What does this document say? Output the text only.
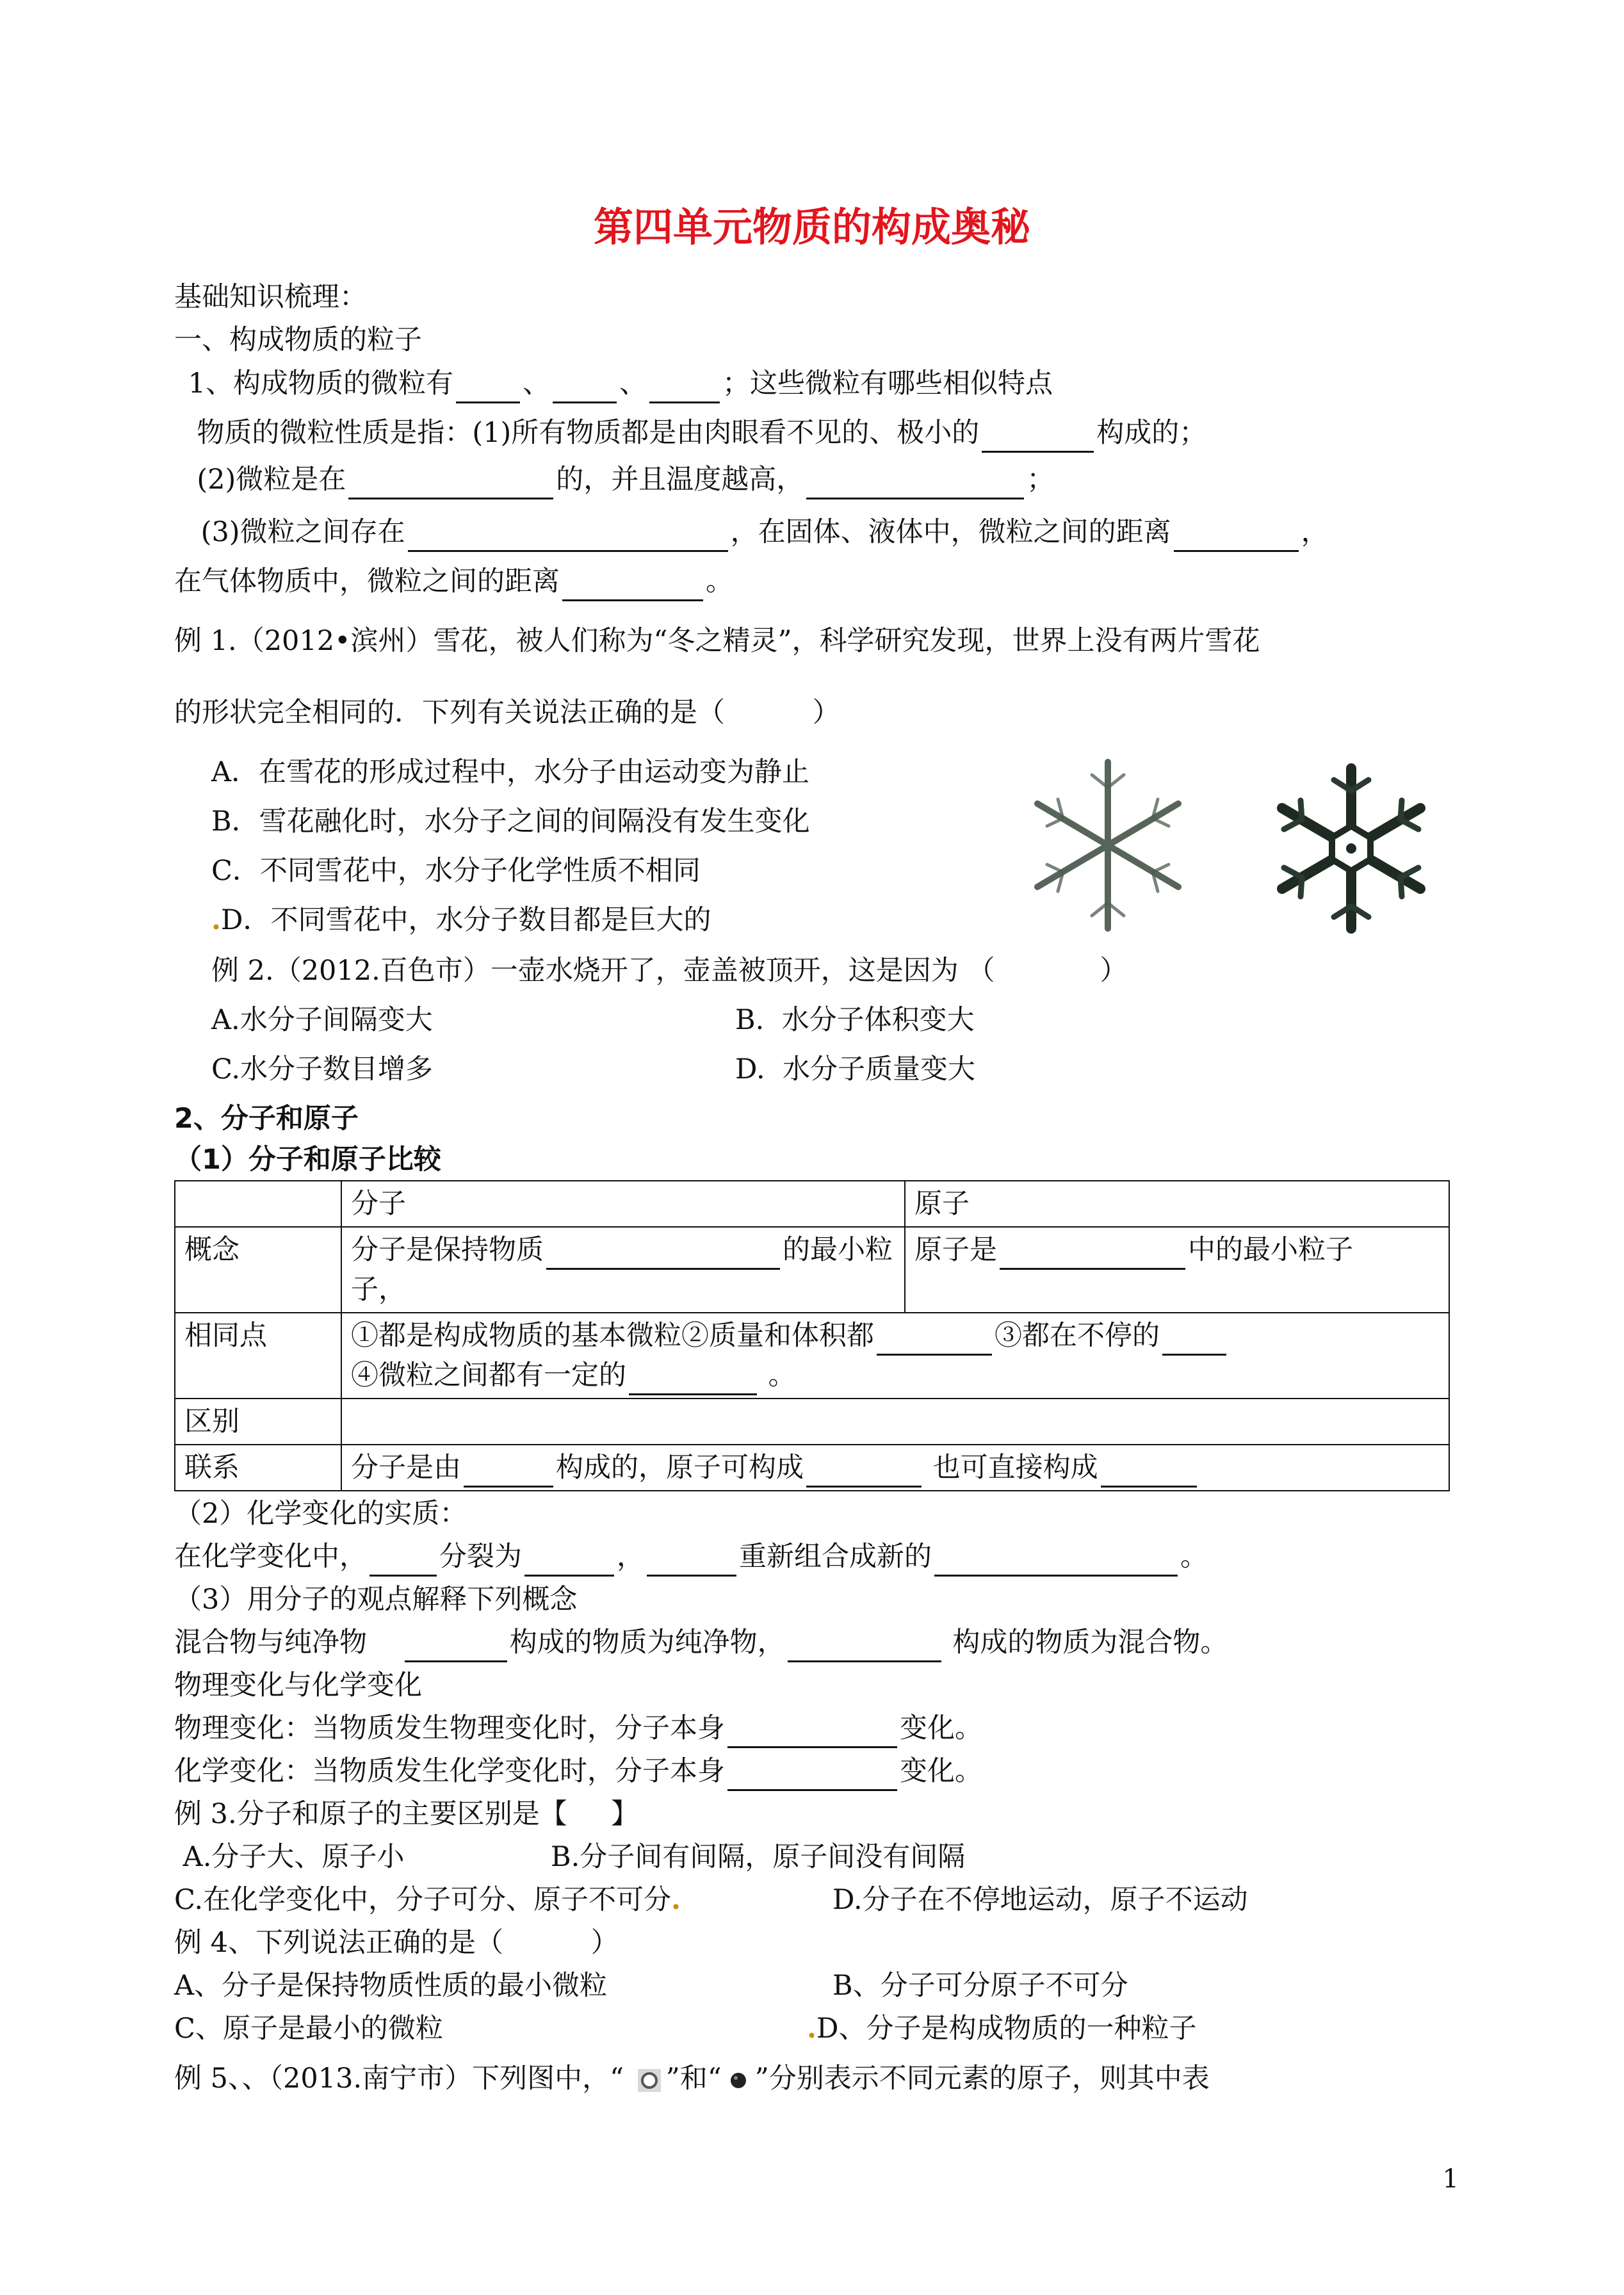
第四单元物质的构成奥秘
基础知识梳理：
一、构成物质的粒子
1、构成物质的微粒有	、	、	；这些微粒有哪些相似特点
物质的微粒性质是指：(1)所有物质都是由肉眼看不见的、极小的	构成的；
(2)微粒是在	的，并且温度越高，	；
(3)微粒之间存在	，在固体、液体中，微粒之间的距离	，
在气体物质中，微粒之间的距离	。
例 1.（2012•滨州）雪花，被人们称为“冬之精灵”，科学研究发现，世界上没有两片雪花
的形状完全相同的．下列有关说法正确的是（          ）
A．在雪花的形成过程中，水分子由运动变为静止
B．雪花融化时，水分子之间的间隔没有发生变化
C．不同雪花中，水分子化学性质不相同
.D．不同雪花中，水分子数目都是巨大的
例 2.（2012.百色市）一壶水烧开了，壶盖被顶开，这是因为 （            ）
A.水分子间隔变大	B.  水分子体积变大
C.水分子数目增多	D.  水分子质量变大
2、分子和原子
（1）分子和原子比较
	分子	原子
概念	分子是保持物质 的最小粒子，	原子是 中的最小粒子
相同点	①都是构成物质的基本微粒②质量和体积都 ③都在不停的
④微粒之间都有一定的 。	
区别		
联系	分子是由 构成的，原子可构成 也可直接构成	
（2）化学变化的实质：
在化学变化中，	分裂为	，	重新组合成新的	。
（3）用分子的观点解释下列概念
混合物与纯净物	构成的物质为纯净物，	构成的物质为混合物。
物理变化与化学变化
物理变化：当物质发生物理变化时，分子本身	变化。
化学变化：当物质发生化学变化时，分子本身	变化。
例 3.分子和原子的主要区别是【     】
A.分子大、原子小	B.分子间有间隔，原子间没有间隔
C.在化学变化中，分子可分、原子不可分.	D.分子在不停地运动，原子不运动
例 4、下列说法正确的是（          ）
A、分子是保持物质性质的最小微粒	B、分子可分原子不可分
C、原子是最小的微粒	.D、分子是构成物质的一种粒子
例 5、、（2013.南宁市）下列图中，“ ”和“ ”分别表示不同元素的原子，则其中表
1
